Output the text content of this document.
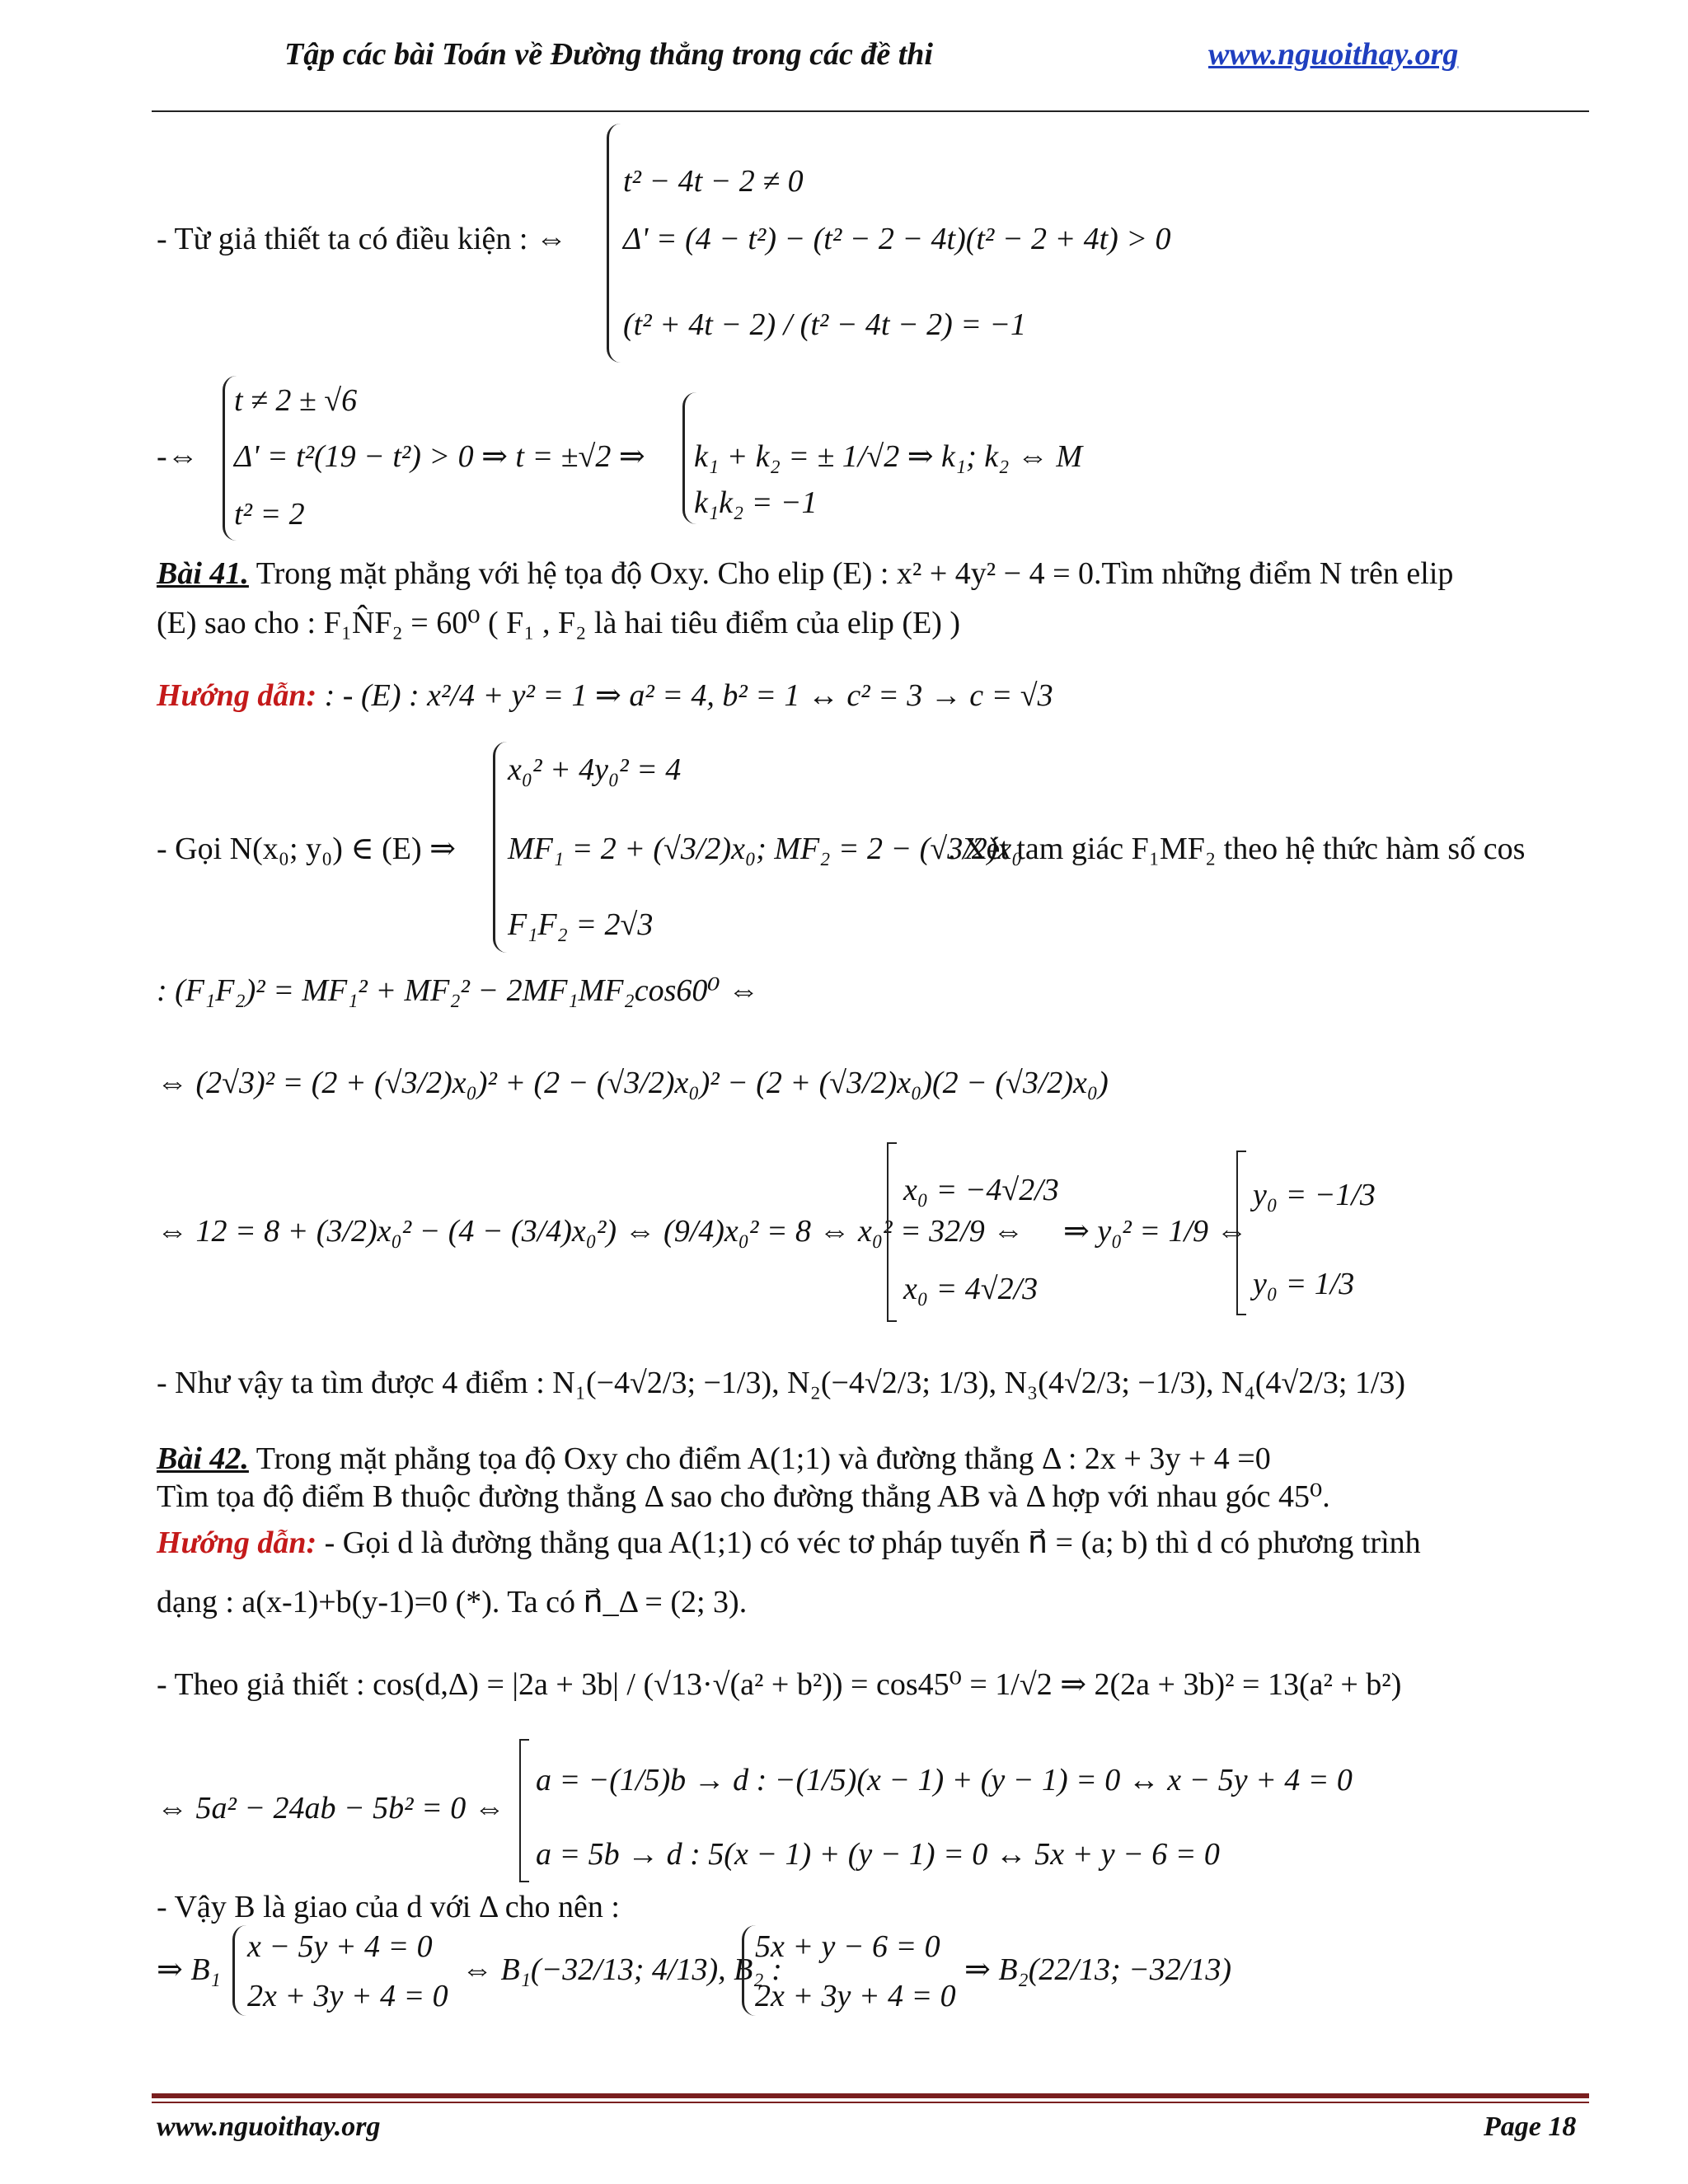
Tập các bài Toán về Đường thẳng trong các đề thi	www.nguoithay.org
t² − 4t − 2 ≠ 0
- Từ giả thiết ta có điều kiện : ⇔ Δ' = (4 − t²) − (t² − 2 − 4t)(t² − 2 + 4t) > 0
(t² + 4t − 2) / (t² − 4t − 2) = −1
t ≠ 2 ± √6
-⇔ Δ' = t²(19 − t²) > 0 ⇒ t = ±√2 ⇒ k₁ + k₂ = ± 1/√2 ⇒ k₁; k₂ ⇔ M
t² = 2	k₁k₂ = −1
Bài 41. Trong mặt phẳng với hệ tọa độ Oxy. Cho elip (E) : x² + 4y² − 4 = 0.Tìm những điểm N trên elip
(E) sao cho : F₁N̂F₂ = 60⁰ ( F₁ , F₂ là hai tiêu điểm của elip (E) )
Hướng dẫn: : - (E) : x²/4 + y² = 1 ⇒ a² = 4, b² = 1 ↔ c² = 3 → c = √3
x₀² + 4y₀² = 4
- Gọi N(x₀; y₀) ∈ (E) ⇒ MF₁ = 2 + (√3/2)x₀; MF₂ = 2 − (√3/2)x₀
. Xét tam giác F₁MF₂ theo hệ thức hàm số cos
F₁F₂ = 2√3
: (F₁F₂)² = MF₁² + MF₂² − 2MF₁MF₂cos60⁰ ⇔
⇔ (2√3)² = (2 + (√3/2)x₀)² + (2 − (√3/2)x₀)² − (2 + (√3/2)x₀)(2 − (√3/2)x₀)
⇔ 12 = 8 + (3/2)x₀² − (4 − (3/4)x₀²) ⇔ (9/4)x₀² = 8 ⇔ x₀² = 32/9 ⇔
x₀ = −4√2/3
x₀ = 4√2/3
⇒ y₀² = 1/9 ⇔
y₀ = −1/3
y₀ = 1/3
- Như vậy ta tìm được 4 điểm : N₁(−4√2/3; −1/3), N₂(−4√2/3; 1/3), N₃(4√2/3; −1/3), N₄(4√2/3; 1/3)
Bài 42. Trong mặt phẳng tọa độ Oxy cho điểm A(1;1) và đường thẳng Δ : 2x + 3y + 4 =0
Tìm tọa độ điểm B thuộc đường thẳng Δ sao cho đường thẳng AB và Δ hợp với nhau góc 45⁰.
Hướng dẫn: - Gọi d là đường thẳng qua A(1;1) có véc tơ pháp tuyến n⃗ = (a; b) thì d có phương trình
dạng : a(x-1)+b(y-1)=0 (*). Ta có n⃗_Δ = (2; 3).
- Theo giả thiết : cos(d,Δ) = |2a + 3b| / (√13·√(a² + b²)) = cos45⁰ = 1/√2 ⇒ 2(2a + 3b)² = 13(a² + b²)
⇔ 5a² − 24ab − 5b² = 0 ⇔
a = −(1/5)b → d : −(1/5)(x − 1) + (y − 1) = 0 ↔ x − 5y + 4 = 0
a = 5b → d : 5(x − 1) + (y − 1) = 0 ↔ 5x + y − 6 = 0
- Vậy B là giao của d với Δ cho nên :
⇒ B₁
x − 5y + 4 = 0
2x + 3y + 4 = 0
⇔ B₁(−32/13; 4/13), B₂ :
5x + y − 6 = 0
2x + 3y + 4 = 0
⇒ B₂(22/13; −32/13)
www.nguoithay.org	Page 18
